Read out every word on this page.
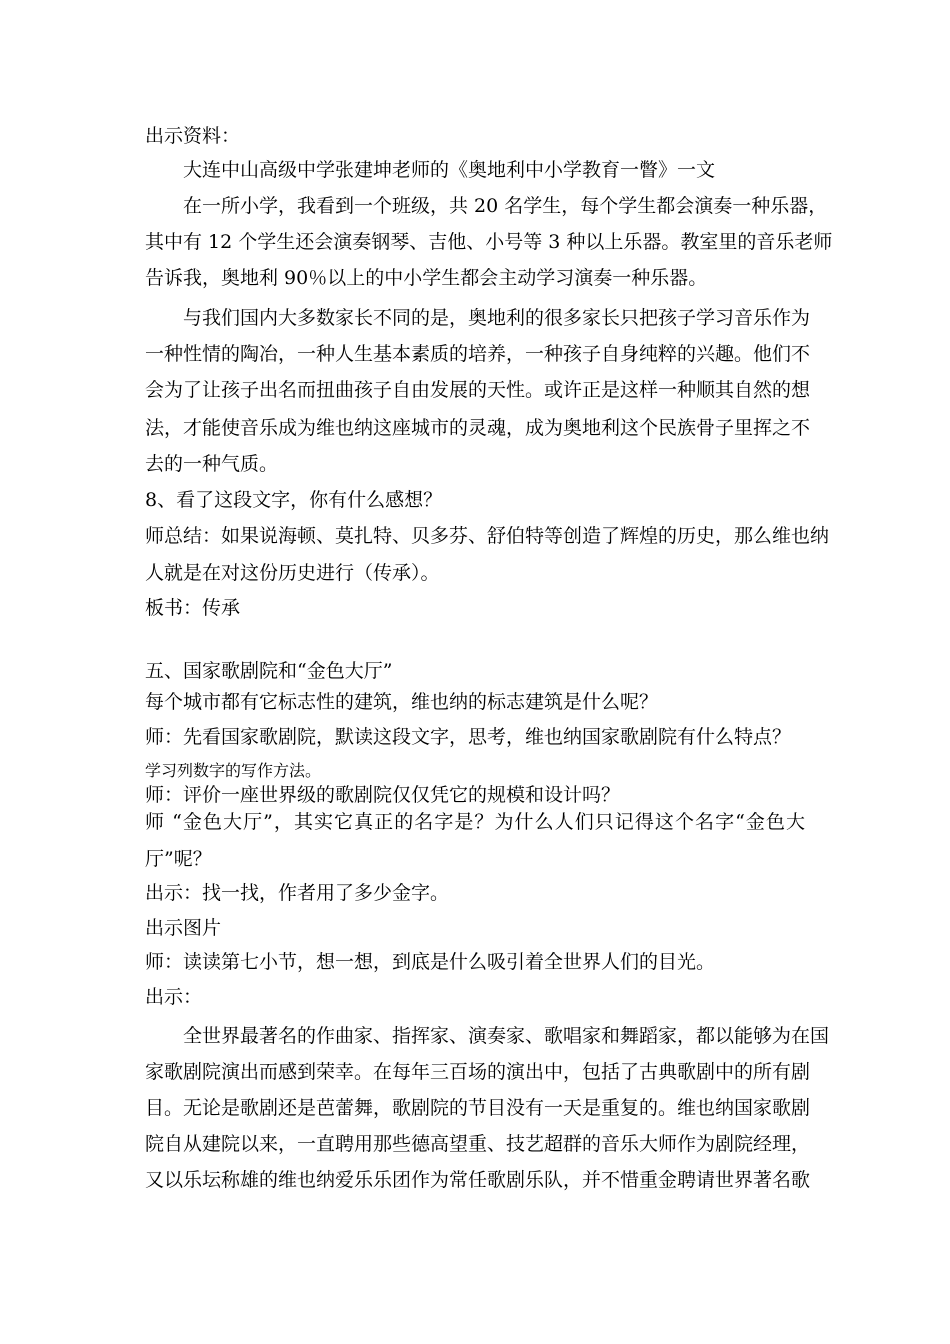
出示资料：
大连中山高级中学张建坤老师的《奥地利中小学教育一瞥》一文
在一所小学，我看到一个班级，共 20 名学生，每个学生都会演奏一种乐器，
其中有 12 个学生还会演奏钢琴、吉他、小号等 3 种以上乐器。教室里的音乐老师
告诉我，奥地利 90％以上的中小学生都会主动学习演奏一种乐器。
与我们国内大多数家长不同的是，奥地利的很多家长只把孩子学习音乐作为
一种性情的陶冶，一种人生基本素质的培养，一种孩子自身纯粹的兴趣。他们不
会为了让孩子出名而扭曲孩子自由发展的天性。或许正是这样一种顺其自然的想
法，才能使音乐成为维也纳这座城市的灵魂，成为奥地利这个民族骨子里挥之不
去的一种气质。
8、看了这段文字，你有什么感想？
师总结：如果说海顿、莫扎特、贝多芬、舒伯特等创造了辉煌的历史，那么维也纳
人就是在对这份历史进行（传承）。
板书：传承
五、国家歌剧院和“金色大厅”
每个城市都有它标志性的建筑，维也纳的标志建筑是什么呢？
师：先看国家歌剧院，默读这段文字，思考，维也纳国家歌剧院有什么特点？
学习列数字的写作方法。
师：评价一座世界级的歌剧院仅仅凭它的规模和设计吗？
师 “金色大厅”，其实它真正的名字是？为什么人们只记得这个名字“金色大
厅”呢？
出示：找一找，作者用了多少金字。
出示图片
师：读读第七小节，想一想，到底是什么吸引着全世界人们的目光。
出示：
全世界最著名的作曲家、指挥家、演奏家、歌唱家和舞蹈家，都以能够为在国
家歌剧院演出而感到荣幸。在每年三百场的演出中，包括了古典歌剧中的所有剧
目。无论是歌剧还是芭蕾舞，歌剧院的节目没有一天是重复的。维也纳国家歌剧
院自从建院以来，一直聘用那些德高望重、技艺超群的音乐大师作为剧院经理，
又以乐坛称雄的维也纳爱乐乐团作为常任歌剧乐队，并不惜重金聘请世界著名歌
